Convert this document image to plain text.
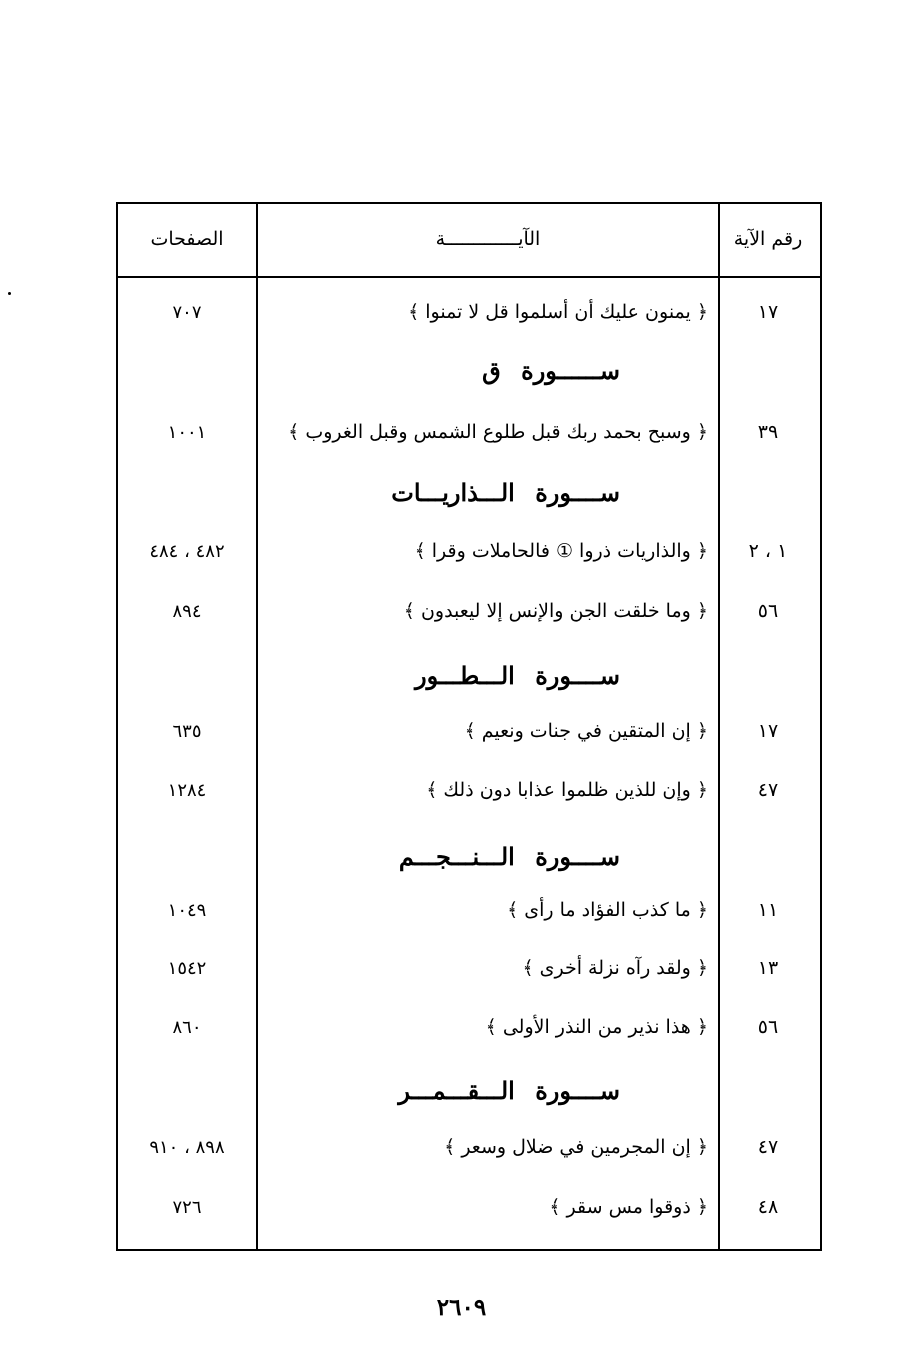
رقم الآية
الآيـــــــــــــة
الصفحات
١٧
﴿ يمنون عليك أن أسلموا قل لا تمنوا ﴾
٧٠٧
ســــــورة ق
٣٩
﴿ وسبح بحمد ربك قبل طلوع الشمس وقبل الغروب ﴾
١٠٠١
ســــورة الـــذاريـــات
١ ، ٢
﴿ والذاريات ذروا ① فالحاملات وقرا ﴾
٤٨٢ ، ٤٨٤
٥٦
﴿ وما خلقت الجن والإنس إلا ليعبدون ﴾
٨٩٤
ســــورة الـــطـــور
١٧
﴿ إن المتقين في جنات ونعيم ﴾
٦٣٥
٤٧
﴿ وإن للذين ظلموا عذابا دون ذلك ﴾
١٢٨٤
ســــورة الـــنـــجـــم
١١
﴿ ما كذب الفؤاد ما رأى ﴾
١٠٤٩
١٣
﴿ ولقد رآه نزلة أخرى ﴾
١٥٤٢
٥٦
﴿ هذا نذير من النذر الأولى ﴾
٨٦٠
ســــورة الـــقـــمـــر
٤٧
﴿ إن المجرمين في ضلال وسعر ﴾
٨٩٨ ، ٩١٠
٤٨
﴿ ذوقوا مس سقر ﴾
٧٢٦
٢٦٠٩
